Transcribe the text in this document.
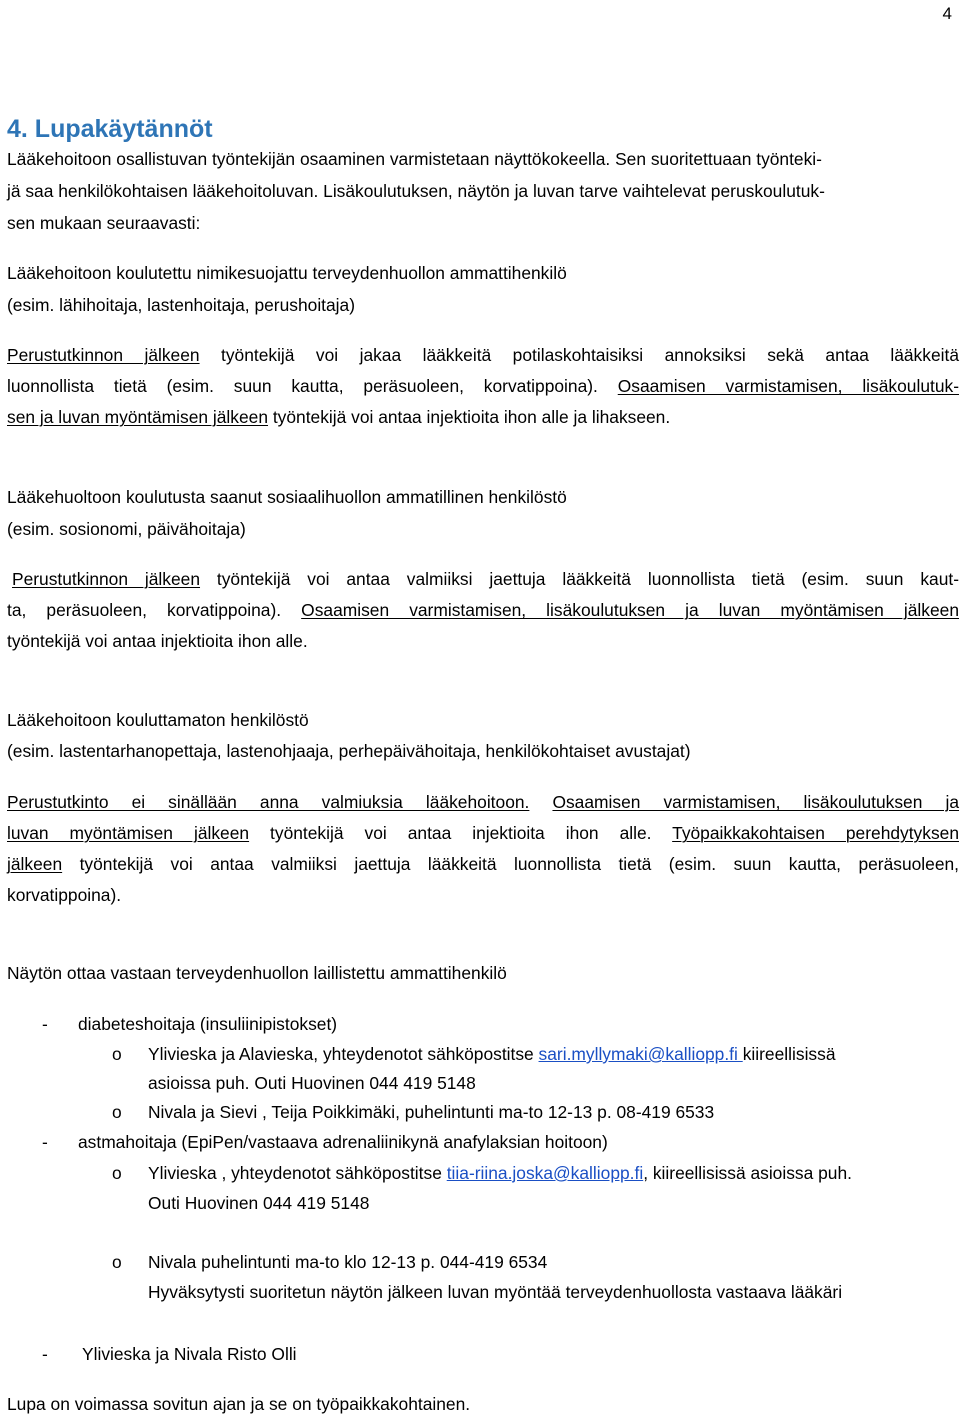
4
4. Lupakäytännöt
Lääkehoitoon osallistuvan työntekijän osaaminen varmistetaan näyttökokeella. Sen suoritettuaan työnteki-
jä saa henkilökohtaisen lääkehoitoluvan. Lisäkoulutuksen, näytön ja luvan tarve vaihtelevat peruskoulutuk-
sen mukaan seuraavasti:
Lääkehoitoon koulutettu nimikesuojattu terveydenhuollon ammattihenkilö
(esim. lähihoitaja, lastenhoitaja, perushoitaja)
Perustutkinnon jälkeen työntekijä voi jakaa lääkkeitä potilaskohtaisiksi annoksiksi sekä antaa lääkkeitä
luonnollista tietä (esim. suun kautta, peräsuoleen, korvatippoina). Osaamisen varmistamisen, lisäkoulutuk-
sen ja luvan myöntämisen jälkeen työntekijä voi antaa injektioita ihon alle ja lihakseen.
Lääkehuoltoon koulutusta saanut sosiaalihuollon ammatillinen henkilöstö
(esim. sosionomi, päivähoitaja)
Perustutkinnon jälkeen työntekijä voi antaa valmiiksi jaettuja lääkkeitä luonnollista tietä (esim. suun kaut-
ta, peräsuoleen, korvatippoina). Osaamisen varmistamisen, lisäkoulutuksen ja luvan myöntämisen jälkeen
työntekijä voi antaa injektioita ihon alle.
Lääkehoitoon kouluttamaton henkilöstö
(esim. lastentarhanopettaja, lastenohjaaja, perhepäivähoitaja, henkilökohtaiset avustajat)
Perustutkinto ei sinällään anna valmiuksia lääkehoitoon. Osaamisen varmistamisen, lisäkoulutuksen ja
luvan myöntämisen jälkeen työntekijä voi antaa injektioita ihon alle. Työpaikkakohtaisen perehdytyksen
jälkeen työntekijä voi antaa valmiiksi jaettuja lääkkeitä luonnollista tietä (esim. suun kautta, peräsuoleen,
korvatippoina).
Näytön ottaa vastaan terveydenhuollon laillistettu ammattihenkilö
- diabeteshoitaja (insuliinipistokset)
o Ylivieska ja Alavieska, yhteydenotot sähköpostitse sari.myllymaki@kalliopp.fi kiireellisissä
asioissa puh. Outi Huovinen 044 419 5148
o Nivala ja Sievi , Teija Poikkimäki, puhelintunti ma-to 12-13 p. 08-419 6533
- astmahoitaja (EpiPen/vastaava adrenaliinikynä anafylaksian hoitoon)
o Ylivieska , yhteydenotot sähköpostitse tiia-riina.joska@kalliopp.fi, kiireellisissä asioissa puh.
Outi Huovinen 044 419 5148
o Nivala puhelintunti ma-to klo 12-13 p. 044-419 6534
Hyväksytysti suoritetun näytön jälkeen luvan myöntää terveydenhuollosta vastaava lääkäri
- Ylivieska ja Nivala Risto Olli
Lupa on voimassa sovitun ajan ja se on työpaikkakohtainen.
